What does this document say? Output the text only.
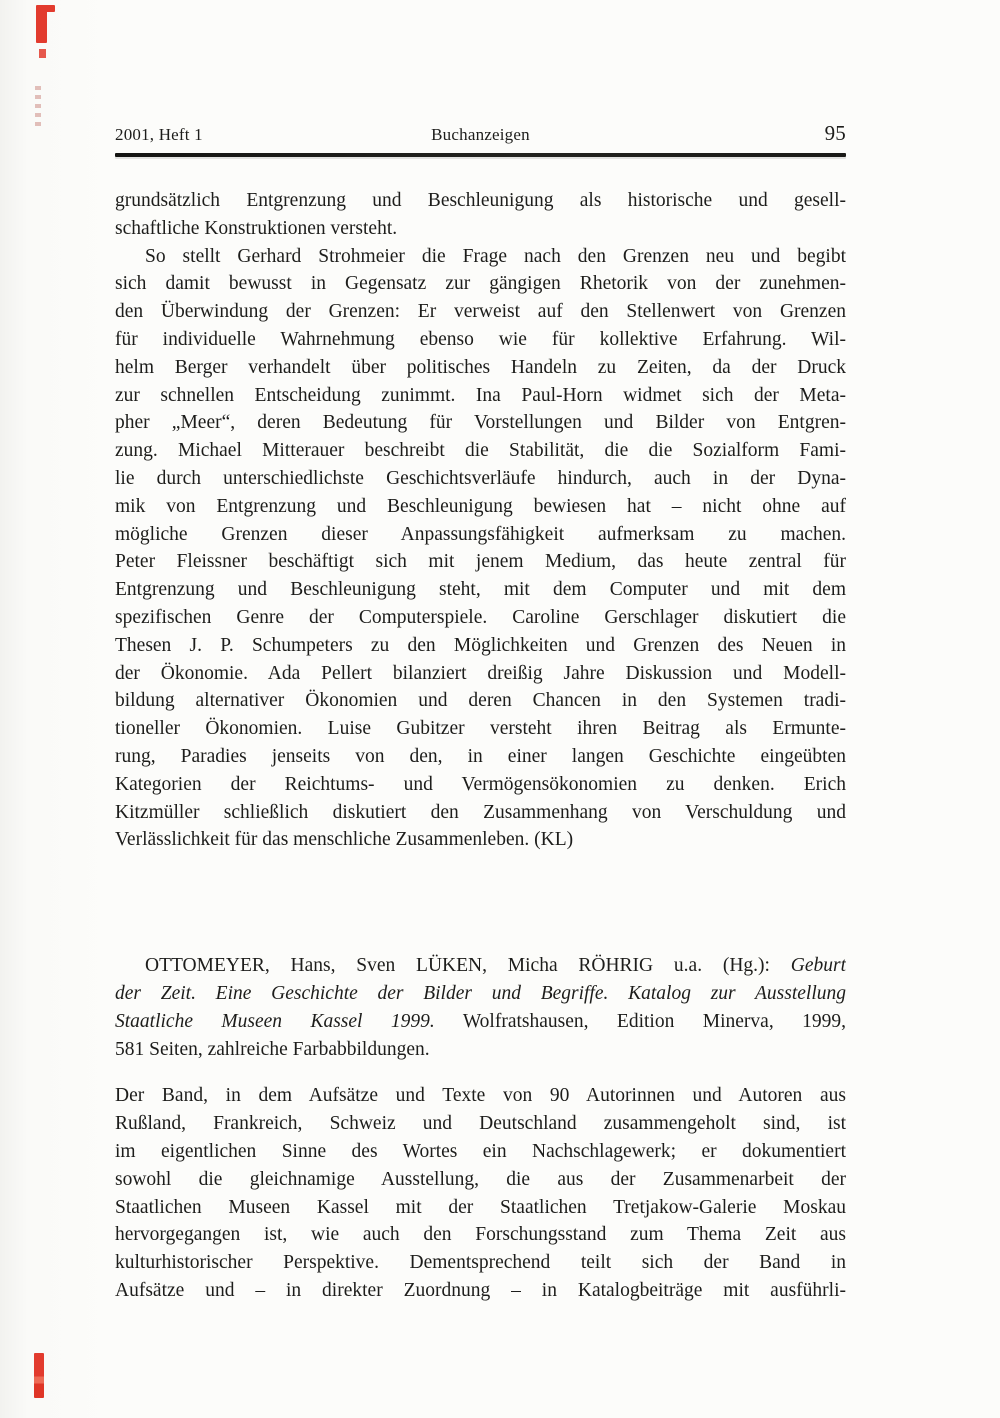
2001, Heft 1	Buchanzeigen	95
grundsätzlich Entgrenzung und Beschleunigung als historische und gesell-
schaftliche Konstruktionen versteht.
So stellt Gerhard Strohmeier die Frage nach den Grenzen neu und begibt
sich damit bewusst in Gegensatz zur gängigen Rhetorik von der zunehmen-
den Überwindung der Grenzen: Er verweist auf den Stellenwert von Grenzen
für individuelle Wahrnehmung ebenso wie für kollektive Erfahrung. Wil-
helm Berger verhandelt über politisches Handeln zu Zeiten, da der Druck
zur schnellen Entscheidung zunimmt. Ina Paul-Horn widmet sich der Meta-
pher „Meer“, deren Bedeutung für Vorstellungen und Bilder von Entgren-
zung. Michael Mitterauer beschreibt die Stabilität, die die Sozialform Fami-
lie durch unterschiedlichste Geschichtsverläufe hindurch, auch in der Dyna-
mik von Entgrenzung und Beschleunigung bewiesen hat – nicht ohne auf
mögliche Grenzen dieser Anpassungsfähigkeit aufmerksam zu machen.
Peter Fleissner beschäftigt sich mit jenem Medium, das heute zentral für
Entgrenzung und Beschleunigung steht, mit dem Computer und mit dem
spezifischen Genre der Computerspiele. Caroline Gerschlager diskutiert die
Thesen J. P. Schumpeters zu den Möglichkeiten und Grenzen des Neuen in
der Ökonomie. Ada Pellert bilanziert dreißig Jahre Diskussion und Modell-
bildung alternativer Ökonomien und deren Chancen in den Systemen tradi-
tioneller Ökonomien. Luise Gubitzer versteht ihren Beitrag als Ermunte-
rung, Paradies jenseits von den, in einer langen Geschichte eingeübten
Kategorien der Reichtums- und Vermögensökonomien zu denken. Erich
Kitzmüller schließlich diskutiert den Zusammenhang von Verschuldung und
Verlässlichkeit für das menschliche Zusammenleben. (KL)
OTTOMEYER, Hans, Sven LÜKEN, Micha RÖHRIG u.a. (Hg.): Geburt
der Zeit. Eine Geschichte der Bilder und Begriffe. Katalog zur Ausstellung
Staatliche Museen Kassel 1999. Wolfratshausen, Edition Minerva, 1999,
581 Seiten, zahlreiche Farbabbildungen.
Der Band, in dem Aufsätze und Texte von 90 Autorinnen und Autoren aus
Rußland, Frankreich, Schweiz und Deutschland zusammengeholt sind, ist
im eigentlichen Sinne des Wortes ein Nachschlagewerk; er dokumentiert
sowohl die gleichnamige Ausstellung, die aus der Zusammenarbeit der
Staatlichen Museen Kassel mit der Staatlichen Tretjakow-Galerie Moskau
hervorgegangen ist, wie auch den Forschungsstand zum Thema Zeit aus
kulturhistorischer Perspektive. Dementsprechend teilt sich der Band in
Aufsätze und – in direkter Zuordnung – in Katalogbeiträge mit ausführli-
